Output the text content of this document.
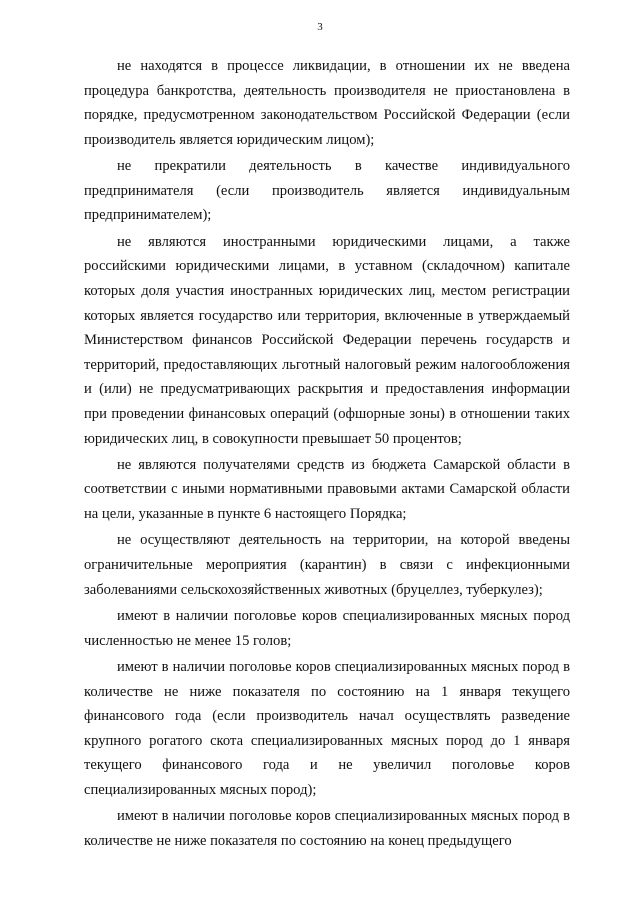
3

не находятся в процессе ликвидации, в отношении их не введена процедура банкротства, деятельность производителя не приостановлена в порядке, предусмотренном законодательством Российской Федерации (если производитель является юридическим лицом);

не прекратили деятельность в качестве индивидуального предпринимателя (если производитель является индивидуальным предпринимателем);

не являются иностранными юридическими лицами, а также российскими юридическими лицами, в уставном (складочном) капитале которых доля участия иностранных юридических лиц, местом регистрации которых является государство или территория, включенные в утверждаемый Министерством финансов Российской Федерации перечень государств и территорий, предоставляющих льготный налоговый режим налогообложения и (или) не предусматривающих раскрытия и предоставления информации при проведении финансовых операций (офшорные зоны) в отношении таких юридических лиц, в совокупности превышает 50 процентов;

не являются получателями средств из бюджета Самарской области в соответствии с иными нормативными правовыми актами Самарской области на цели, указанные в пункте 6 настоящего Порядка;

не осуществляют деятельность на территории, на которой введены ограничительные мероприятия (карантин) в связи с инфекционными заболеваниями сельскохозяйственных животных (бруцеллез, туберкулез);

имеют в наличии поголовье коров специализированных мясных пород численностью не менее 15 голов;

имеют в наличии поголовье коров специализированных мясных пород в количестве не ниже показателя по состоянию на 1 января текущего финансового года (если производитель начал осуществлять разведение крупного рогатого скота специализированных мясных пород до 1 января текущего финансового года и не увеличил поголовье коров специализированных мясных пород);

имеют в наличии поголовье коров специализированных мясных пород в количестве не ниже показателя по состоянию на конец предыдущего
